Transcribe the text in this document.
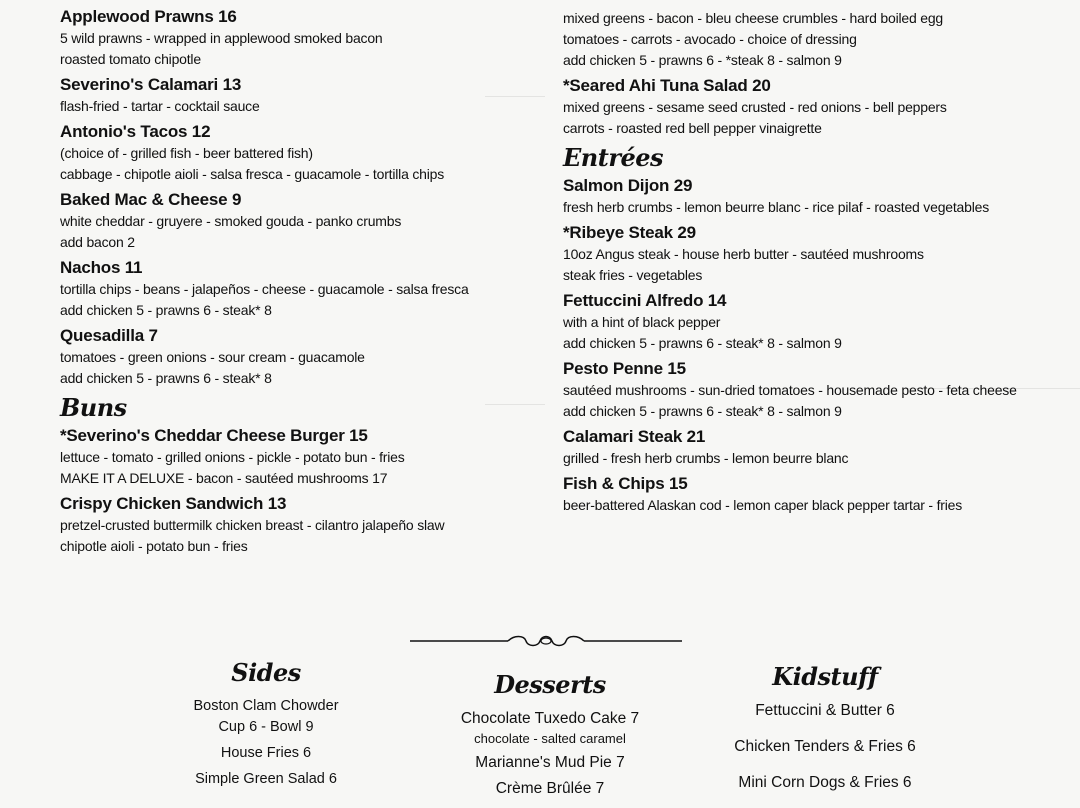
Applewood Prawns 16
5 wild prawns - wrapped in applewood smoked bacon
roasted tomato chipotle
Severino's Calamari 13
flash-fried - tartar - cocktail sauce
Antonio's Tacos 12
(choice of - grilled fish - beer battered fish)
cabbage - chipotle aioli - salsa fresca - guacamole - tortilla chips
Baked Mac & Cheese 9
white cheddar - gruyere - smoked gouda - panko crumbs
add bacon 2
Nachos 11
tortilla chips - beans - jalapeños - cheese - guacamole - salsa fresca
add chicken 5 - prawns 6 - steak* 8
Quesadilla 7
tomatoes - green onions - sour cream - guacamole
add chicken 5 - prawns 6 - steak* 8
Buns
*Severino's Cheddar Cheese Burger 15
lettuce - tomato - grilled onions - pickle - potato bun - fries
MAKE IT A DELUXE - bacon - sautéed mushrooms 17
Crispy Chicken Sandwich 13
pretzel-crusted buttermilk chicken breast - cilantro jalapeño slaw
chipotle aioli - potato bun - fries
mixed greens - bacon - bleu cheese crumbles - hard boiled egg
tomatoes - carrots - avocado - choice of dressing
add chicken 5 - prawns 6 - *steak 8 - salmon 9
*Seared Ahi Tuna Salad 20
mixed greens - sesame seed crusted - red onions - bell peppers
carrots - roasted red bell pepper vinaigrette
Entrées
Salmon Dijon 29
fresh herb crumbs - lemon beurre blanc - rice pilaf - roasted vegetables
*Ribeye Steak 29
10oz Angus steak - house herb butter - sautéed mushrooms
steak fries - vegetables
Fettuccini Alfredo 14
with a hint of black pepper
add chicken 5 - prawns 6 - steak* 8 - salmon 9
Pesto Penne 15
sautéed mushrooms - sun-dried tomatoes - housemade pesto - feta cheese
add chicken 5 - prawns 6 - steak* 8 - salmon 9
Calamari Steak 21
grilled - fresh herb crumbs - lemon beurre blanc
Fish & Chips 15
beer-battered Alaskan cod - lemon caper black pepper tartar - fries
Sides
Boston Clam Chowder
Cup 6 - Bowl 9
House Fries 6
Simple Green Salad 6
Desserts
Chocolate Tuxedo Cake 7
chocolate - salted caramel
Marianne's Mud Pie 7
Crème Brûlée 7
Kidstuff
Fettuccini & Butter 6
Chicken Tenders & Fries 6
Mini Corn Dogs & Fries 6
